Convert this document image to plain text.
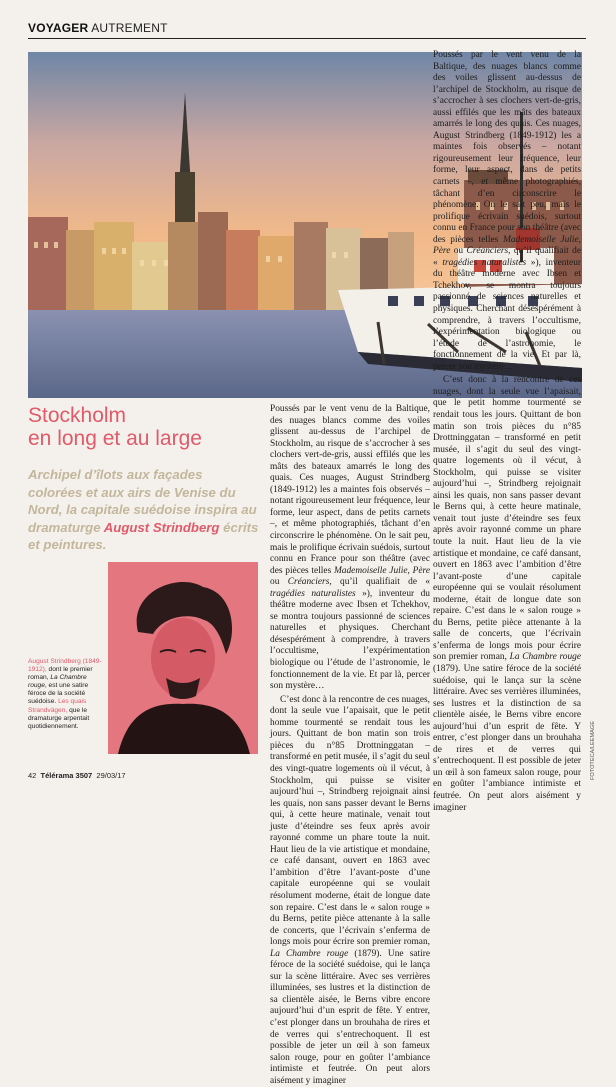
VOYAGER AUTREMENT
Stockholm
en long et au large
Archipel d’îlots aux façades colorées et aux airs de Venise du Nord, la capitale suédoise inspira au dramaturge August Strindberg écrits et peintures.
August Strindberg (1849-1912), dont le premier roman, La Chambre rouge, est une satire féroce de la société suédoise. Les quais Strandvägen, que le dramaturge arpentait quotidiennement.

Poussés par le vent venu de la Baltique, des nuages blancs comme des voiles glissent au-dessus de l’archipel de Stockholm, au risque de s’accrocher à ses clochers vert-de-gris, aussi effilés que les mâts des bateaux amarrés le long des quais. Ces nuages, August Strindberg (1849-1912) les a maintes fois observés – notant rigoureusement leur fréquence, leur forme, leur aspect, dans de petits carnets –, et même photographiés, tâchant d’en circonscrire le phénomène. On le sait peu, mais le prolifique écrivain suédois, surtout connu en France pour son théâtre (avec des pièces telles Mademoiselle Julie, Père ou Créanciers, qu’il qualifiait de « tragédies naturalistes »), inventeur du théâtre moderne avec Ibsen et Tchekhov, se montra toujours passionné de sciences naturelles et physiques. Cherchant désespérément à comprendre, à travers l’occultisme, l’expérimentation biologique ou l’étude de l’astronomie, le fonctionnement de la vie. Et par là, percer son mystère…

C’est donc à la rencontre de ces nuages, dont la seule vue l’apaisait, que le petit homme tourmenté se rendait tous les jours. Quittant de bon matin son trois pièces du n°85 Drottninggatan – transformé en petit musée, il s’agit du seul des vingt-quatre logements où il vécut, à Stockholm, qui puisse se visiter aujourd’hui –, Strindberg rejoignait ainsi les quais, non sans passer devant le Berns qui, à cette heure matinale, venait tout juste d’éteindre ses feux après avoir rayonné comme un phare toute la nuit. Haut lieu de la vie artistique et mondaine, ce café dansant, ouvert en 1863 avec l’ambition d’être l’avant-poste d’une capitale européenne qui se voulait résolument moderne, était de longue date son repaire. C’est dans le « salon rouge » du Berns, petite pièce attenante à la salle de concerts, que l’écrivain s’enferma de longs mois pour écrire son premier roman, La Chambre rouge (1879). Une satire féroce de la société suédoise, qui le lança sur la scène littéraire. Avec ses verrières illuminées, ses lustres et la distinction de sa clientèle aisée, le Berns vibre encore aujourd’hui d’un esprit de fête. Y entrer, c’est plonger dans un brouhaha de rires et de verres qui s’entrechoquent. Il est possible de jeter un œil à son fameux salon rouge, pour en goûter l’ambiance intimiste et feutrée. On peut alors aisément y imaginer

FOTOTECA/LEEMAGE
42 Télérama 3507 29/03/17

Poussés par le vent venu de la Baltique, des nuages blancs comme des voiles glissent au-dessus de l’archipel de Stockholm, au risque de s’accrocher à ses clochers vert-de-gris, aussi effilés que les mâts des bateaux amarrés le long des quais. Ces nuages, August Strindberg (1849-1912) les a maintes fois observés – notant rigoureusement leur fréquence, leur forme, leur aspect, dans de petits carnets –, et même photographiés, tâchant d’en circonscrire le phénomène. On le sait peu, mais le prolifique écrivain suédois, surtout connu en France pour son théâtre (avec des pièces telles Mademoiselle Julie, Père ou Créanciers, qu’il qualifiait de « tragédies naturalistes »), inventeur du théâtre moderne avec Ibsen et Tchekhov, se montra toujours passionné de sciences naturelles et physiques. Cherchant désespérément à comprendre, à travers l’occultisme, l’expérimentation biologique ou l’étude de l’astronomie, le fonctionnement de la vie. Et par là, percer son mystère…

C’est donc à la rencontre de ces nuages, dont la seule vue l’apaisait, que le petit homme tourmenté se rendait tous les jours. Quittant de bon matin son trois pièces du n°85 Drottninggatan – transformé en petit musée, il s’agit du seul des vingt-quatre logements où il vécut, à Stockholm, qui puisse se visiter aujourd’hui –, Strindberg rejoignait ainsi les quais, non sans passer devant le Berns qui, à cette heure matinale, venait tout juste d’éteindre ses feux après avoir rayonné comme un phare toute la nuit. Haut lieu de la vie artistique et mondaine, ce café dansant, ouvert en 1863 avec l’ambition d’être l’avant-poste d’une capitale européenne qui se voulait résolument moderne, était de longue date son repaire. C’est dans le « salon rouge » du Berns, petite pièce attenante à la salle de concerts, que l’écrivain s’enferma de longs mois pour écrire son premier roman, La Chambre rouge (1879). Une satire féroce de la société suédoise, qui le lança sur la scène littéraire. Avec ses verrières illuminées, ses lustres et la distinction de sa clientèle aisée, le Berns vibre encore aujourd’hui d’un esprit de fête. Y entrer, c’est plonger dans un brouhaha de rires et de verres qui s’entrechoquent. Il est possible de jeter un œil à son fameux salon rouge, pour en goûter l’ambiance intimiste et feutrée. On peut alors aisément y imaginer
